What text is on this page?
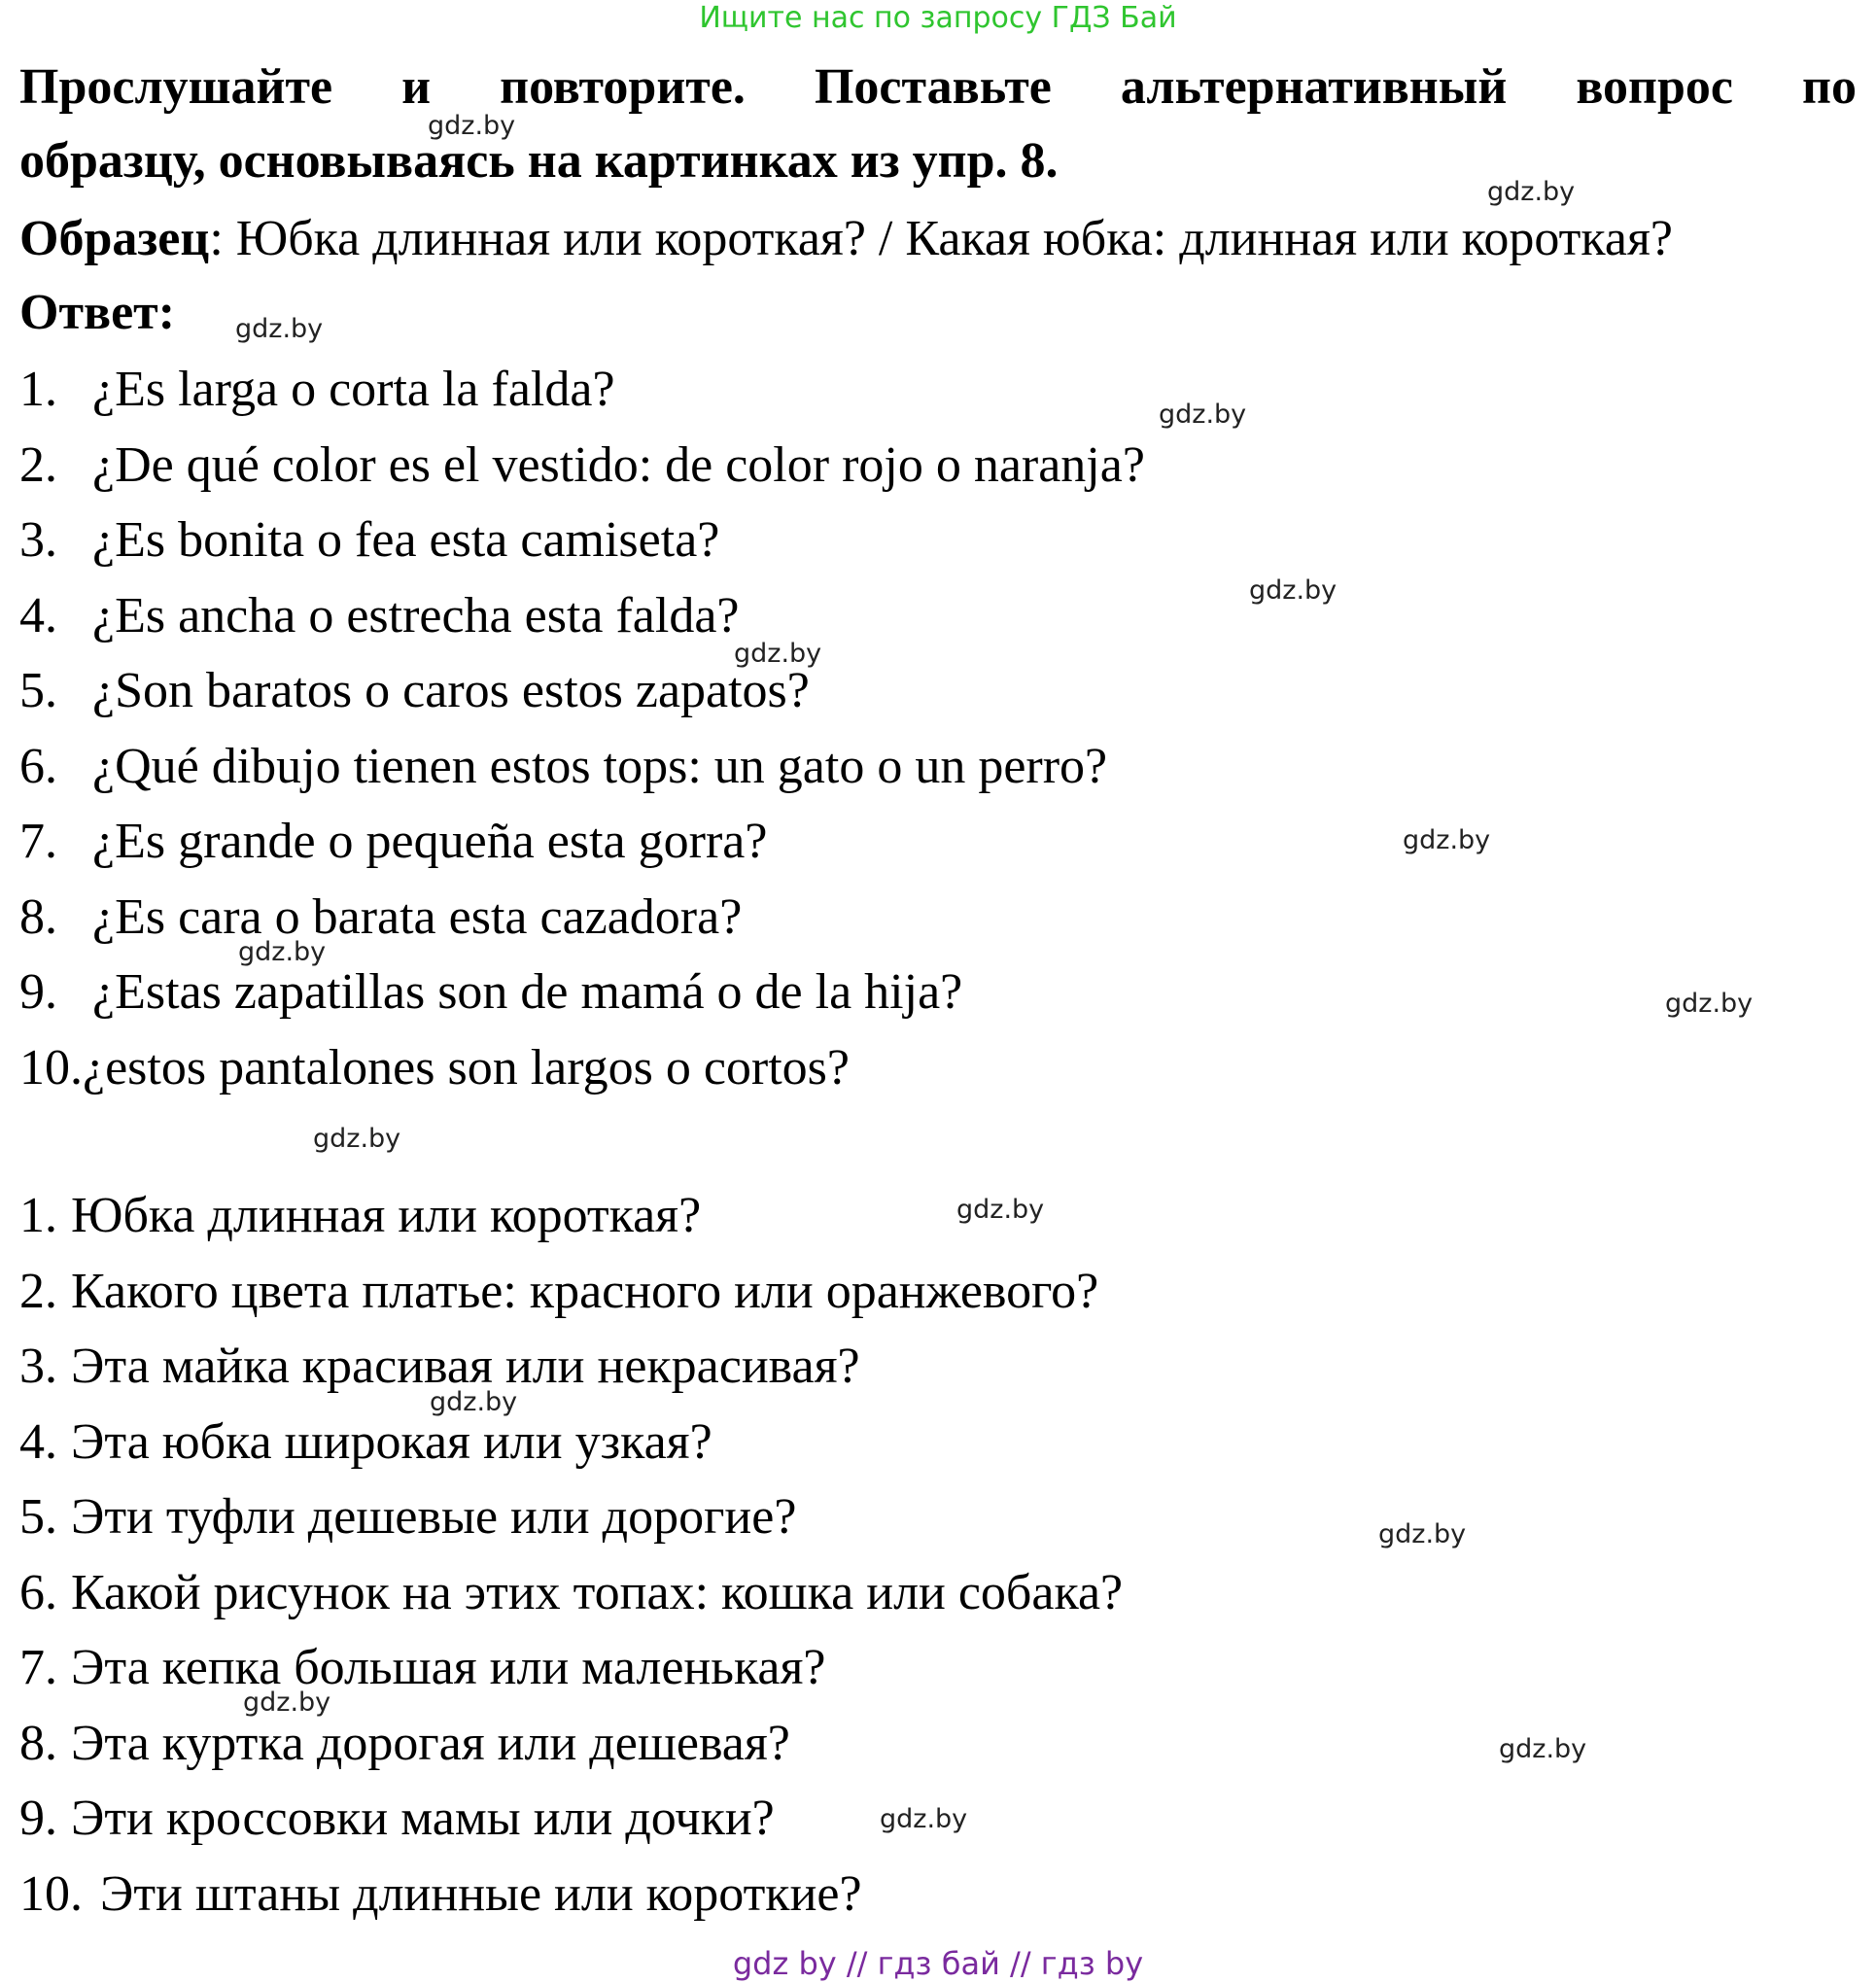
Ищите нас по запросу ГДЗ Бай
Прослушайте и повторите. Поставьте альтернативный вопрос по
образцу, основываясь на картинках из упр. 8.
Образец: Юбка длинная или короткая? / Какая юбка: длинная или короткая?
Ответ:
1. ¿Es larga o corta la falda?
2. ¿De qué color es el vestido: de color rojo o naranja?
3. ¿Es bonita o fea esta camiseta?
4. ¿Es ancha o estrecha esta falda?
5. ¿Son baratos o caros estos zapatos?
6. ¿Qué dibujo tienen estos tops: un gato o un perro?
7. ¿Es grande o pequeña esta gorra?
8. ¿Es cara o barata esta cazadora?
9. ¿Estas zapatillas son de mamá o de la hija?
10.¿estos pantalones son largos o cortos?
1. Юбка длинная или короткая?
2. Какого цвета платье: красного или оранжевого?
3. Эта майка красивая или некрасивая?
4. Эта юбка широкая или узкая?
5. Эти туфли дешевые или дорогие?
6. Какой рисунок на этих топах: кошка или собака?
7. Эта кепка большая или маленькая?
8. Эта куртка дорогая или дешевая?
9. Эти кроссовки мамы или дочки?
10. Эти штаны длинные или короткие?
gdz.by
gdz.by
gdz.by
gdz.by
gdz.by
gdz.by
gdz.by
gdz.by
gdz.by
gdz.by
gdz.by
gdz.by
gdz.by
gdz.by
gdz.by
gdz.by
gdz by // гдз бай // гдз by
